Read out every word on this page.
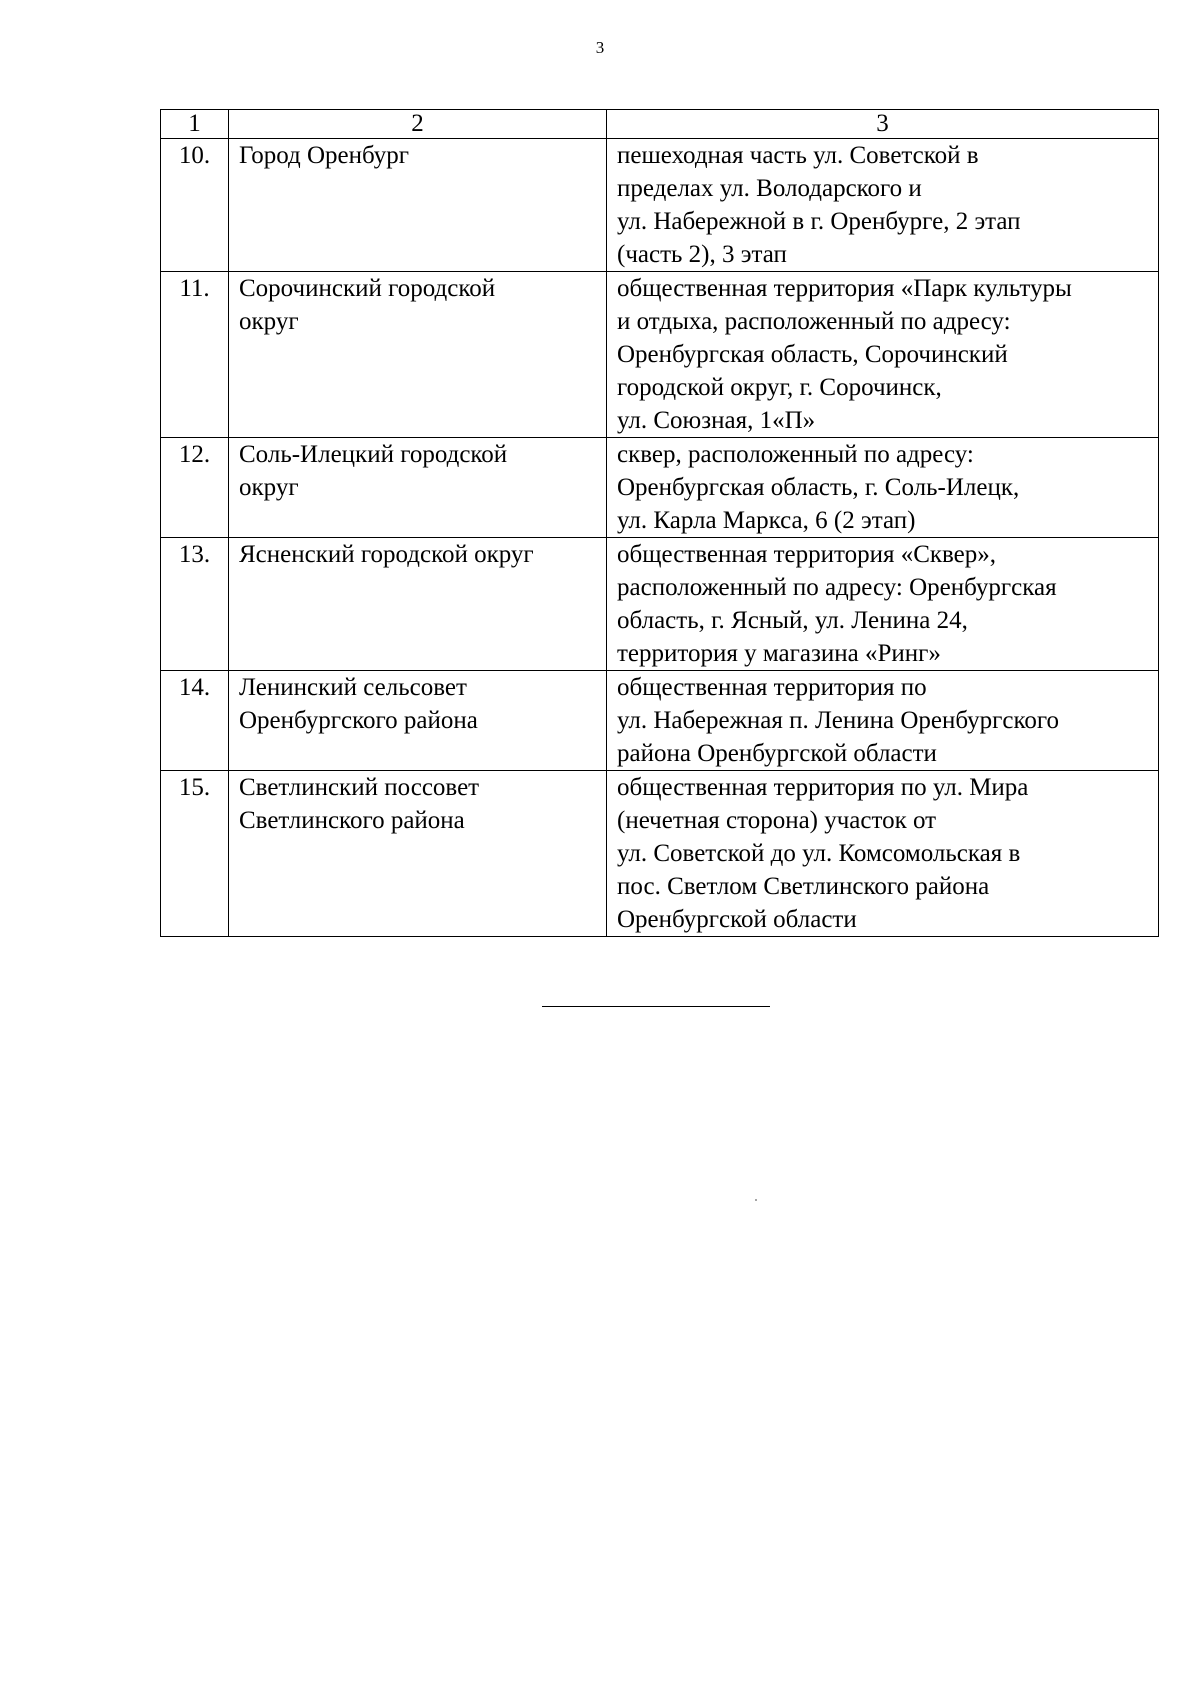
3
1	2	3
10.	Город Оренбург	пешеходная часть ул. Советской в
пределах ул. Володарского и
ул. Набережной в г. Оренбурге, 2 этап
(часть 2), 3 этап

11.	Сорочинский городской
округ	общественная территория «Парк культуры
и отдыха, расположенный по адресу:
Оренбургская область, Сорочинский
городской округ, г. Сорочинск,
ул. Союзная, 1«П»

12.	Соль-Илецкий городской
округ	сквер, расположенный по адресу:
Оренбургская область, г. Соль-Илецк,
ул. Карла Маркса, 6 (2 этап)

13.	Ясненский городской округ	общественная территория «Сквер»,
расположенный по адресу: Оренбургская
область, г. Ясный, ул. Ленина 24,
территория у магазина «Ринг»

14.	Ленинский сельсовет
Оренбургского района	общественная территория по
ул. Набережная п. Ленина Оренбургского
района Оренбургской области

15.	Светлинский поссовет
Светлинского района	общественная территория по ул. Мира
(нечетная сторона) участок от
ул. Советской до ул. Комсомольская в
пос. Светлом Светлинского района
Оренбургской области
